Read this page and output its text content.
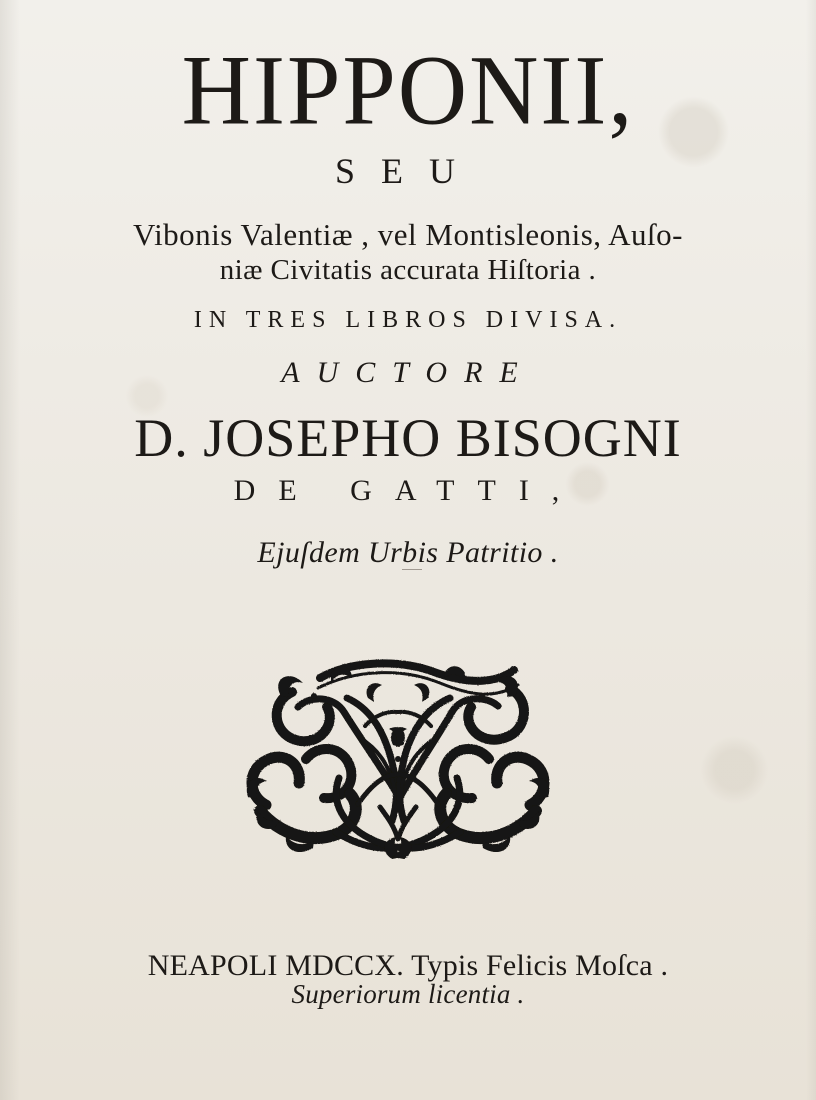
HIPPONII,
SEU
Vibonis Valentiæ , vel Montisleonis, Auſo-
niæ Civitatis accurata Hiſtoria .
IN TRES LIBROS DIVISA.
AUCTORE
D. JOSEPHO BISOGNI
DE GATTI,
Ejuſdem Urbis Patritio .
NEAPOLI MDCCX. Typis Felicis Moſca .
Superiorum licentia .
